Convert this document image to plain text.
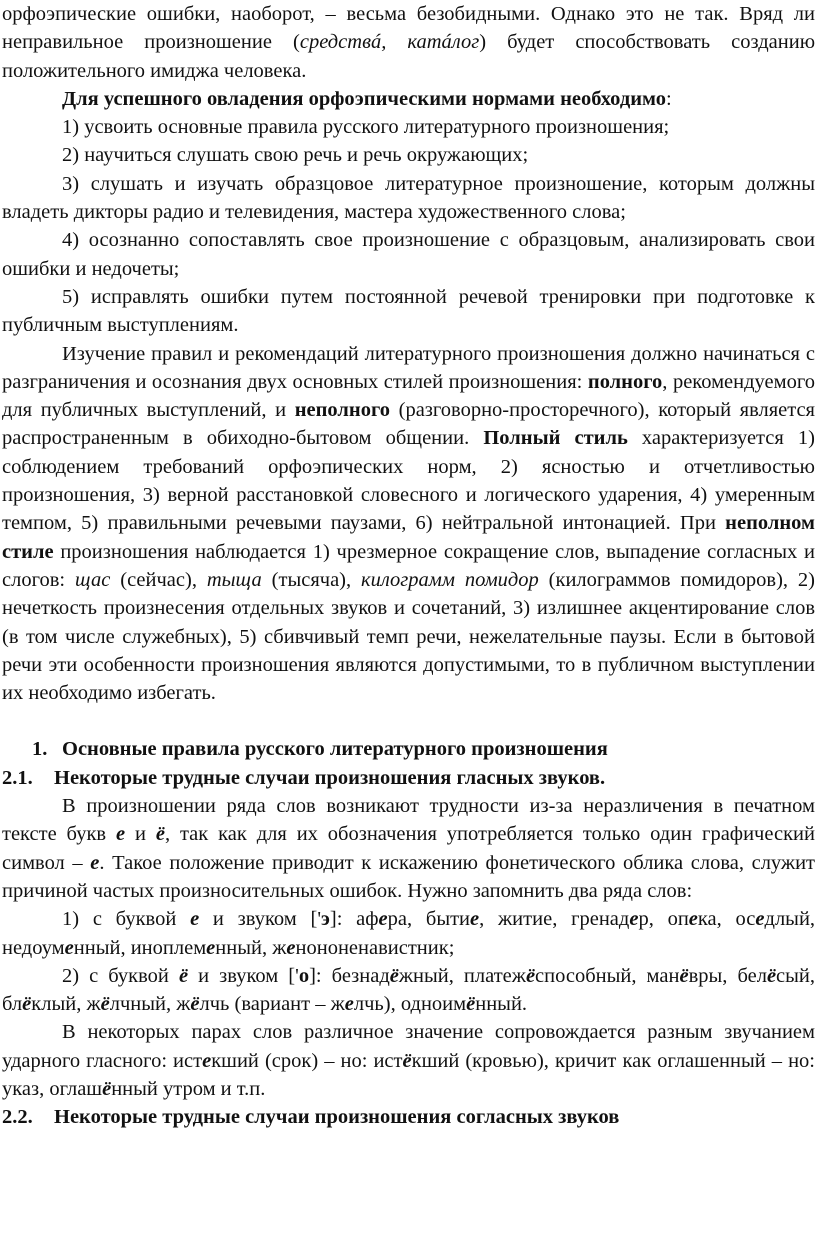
орфоэпические ошибки, наоборот, – весьма безобидными. Однако это не так. Вряд ли неправильное произношение (средствá, катáлог) будет способствовать созданию положительного имиджа человека.

Для успешного овладения орфоэпическими нормами необходимо:

1) усвоить основные правила русского литературного произношения;

2) научиться слушать свою речь и речь окружающих;

3) слушать и изучать образцовое литературное произношение, которым должны владеть дикторы радио и телевидения, мастера художественного слова;

4) осознанно сопоставлять свое произношение с образцовым, анализировать свои ошибки и недочеты;

5) исправлять ошибки путем постоянной речевой тренировки при подготовке к публичным выступлениям.

Изучение правил и рекомендаций литературного произношения должно начинаться с разграничения и осознания двух основных стилей произношения: полного, рекомендуемого для публичных выступлений, и неполного (разговорно-просторечного), который является распространенным в обиходно-бытовом общении. Полный стиль характеризуется 1) соблюдением требований орфоэпических норм, 2) ясностью и отчетливостью произношения, 3) верной расстановкой словесного и логического ударения, 4) умеренным темпом, 5) правильными речевыми паузами, 6) нейтральной интонацией. При неполном стиле произношения наблюдается 1) чрезмерное сокращение слов, выпадение согласных и слогов: щас (сейчас), тыща (тысяча), килограмм помидор (килограммов помидоров), 2) нечеткость произнесения отдельных звуков и сочетаний, 3) излишнее акцентирование слов (в том числе служебных), 5) сбивчивый темп речи, нежелательные паузы. Если в бытовой речи эти особенности произношения являются допустимыми, то в публичном выступлении их необходимо избегать.

1. Основные правила русского литературного произношения
2.1. Некоторые трудные случаи произношения гласных звуков.

В произношении ряда слов возникают трудности из-за неразличения в печатном тексте букв е и ё, так как для их обозначения употребляется только один графический символ – е. Такое положение приводит к искажению фонетического облика слова, служит причиной частых произносительных ошибок. Нужно запомнить два ряда слов:

1) с буквой е и звуком ['э]: афера, бытие, житие, гренадер, опека, оседлый, недоуменный, иноплеменный, женононенавистник;

2) с буквой ё и звуком ['о]: безнадёжный, платежёспособный, манёвры, белёсый, блёклый, жёлчный, жёлчь (вариант – желчь), одноимённый.

В некоторых парах слов различное значение сопровождается разным звучанием ударного гласного: истекший (срок) – но: истёкший (кровью), кричит как оглашенный – но: указ, оглашённый утром и т.п.

2.2. Некоторые трудные случаи произношения согласных звуков
